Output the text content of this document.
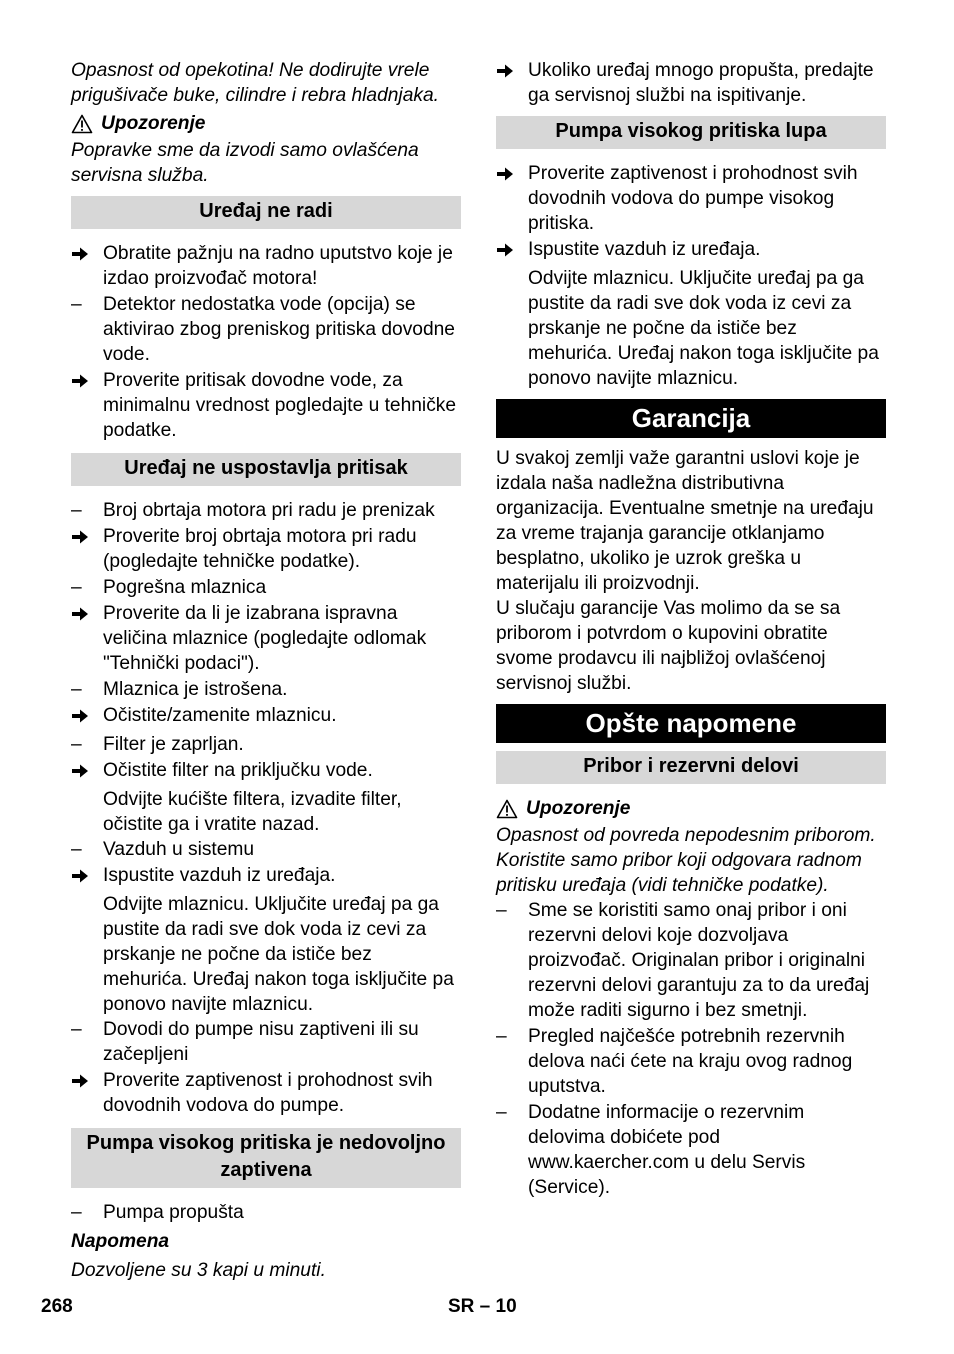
Opasnost od opekotina! Ne dodirujte vrele prigušivače buke, cilindre i rebra hladnjaka.

Upozorenje

Popravke sme da izvodi samo ovlašćena servisna služba.

Uređaj ne radi
Obratite pažnju na radno uputstvo koje je izdao proizvođač motora!
–	Detektor nedostatka vode (opcija) se aktivirao zbog preniskog pritiska dovodne vode.
Proverite pritisak dovodne vode, za minimalnu vrednost pogledajte u tehničke podatke.
Uređaj ne uspostavlja pritisak
–	Broj obrtaja motora pri radu je prenizak
Proverite broj obrtaja motora pri radu (pogledajte tehničke podatke).
–	Pogrešna mlaznica
Proverite da li je izabrana ispravna veličina mlaznice (pogledajte odlomak "Tehnički podaci").
–	Mlaznica je istrošena.
Očistite/zamenite mlaznicu.
–	Filter je zaprljan.
Očistite filter na priključku vode.
Odvijte kućište filtera, izvadite filter, očistite ga i vratite nazad.
–	Vazduh u sistemu
Ispustite vazduh iz uređaja.
Odvijte mlaznicu. Uključite uređaj pa ga pustite da radi sve dok voda iz cevi za prskanje ne počne da ističe bez mehurića. Uređaj nakon toga isključite pa ponovo navijte mlaznicu.
–	Dovodi do pumpe nisu zaptiveni ili su začepljeni
Proverite zaptivenost i prohodnost svih dovodnih vodova do pumpe.
Pumpa visokog pritiska je nedovoljno zaptivena
–	Pumpa propušta
Napomena

Dozvoljene su 3 kapi u minuti.

Ukoliko uređaj mnogo propušta, predajte ga servisnoj službi na ispitivanje.
Pumpa visokog pritiska lupa
Proverite zaptivenost i prohodnost svih dovodnih vodova do pumpe visokog pritiska.
Ispustite vazduh iz uređaja.
Odvijte mlaznicu. Uključite uređaj pa ga pustite da radi sve dok voda iz cevi za prskanje ne počne da ističe bez mehurića. Uređaj nakon toga isključite pa ponovo navijte mlaznicu.
Garancija

U svakoj zemlji važe garantni uslovi koje je izdala naša nadležna distributivna organizacija. Eventualne smetnje na uređaju za vreme trajanja garancije otklanjamo besplatno, ukoliko je uzrok greška u materijalu ili proizvodnji.

U slučaju garancije Vas molimo da se sa priborom i potvrdom o kupovini obratite svome prodavcu ili najbližoj ovlašćenoj servisnoj službi.

Opšte napomene
Pribor i rezervni delovi
Upozorenje

Opasnost od povreda nepodesnim priborom. Koristite samo pribor koji odgovara radnom pritisku uređaja (vidi tehničke podatke).

–	Sme se koristiti samo onaj pribor i oni rezervni delovi koje dozvoljava proizvođač. Originalan pribor i originalni rezervni delovi garantuju za to da uređaj može raditi sigurno i bez smetnji.
–	Pregled najčešće potrebnih rezervnih delova naći ćete na kraju ovog radnog uputstva.
–	Dodatne informacije o rezervnim delovima dobićete pod www.kaercher.com u delu Servis (Service).
268	SR – 10
